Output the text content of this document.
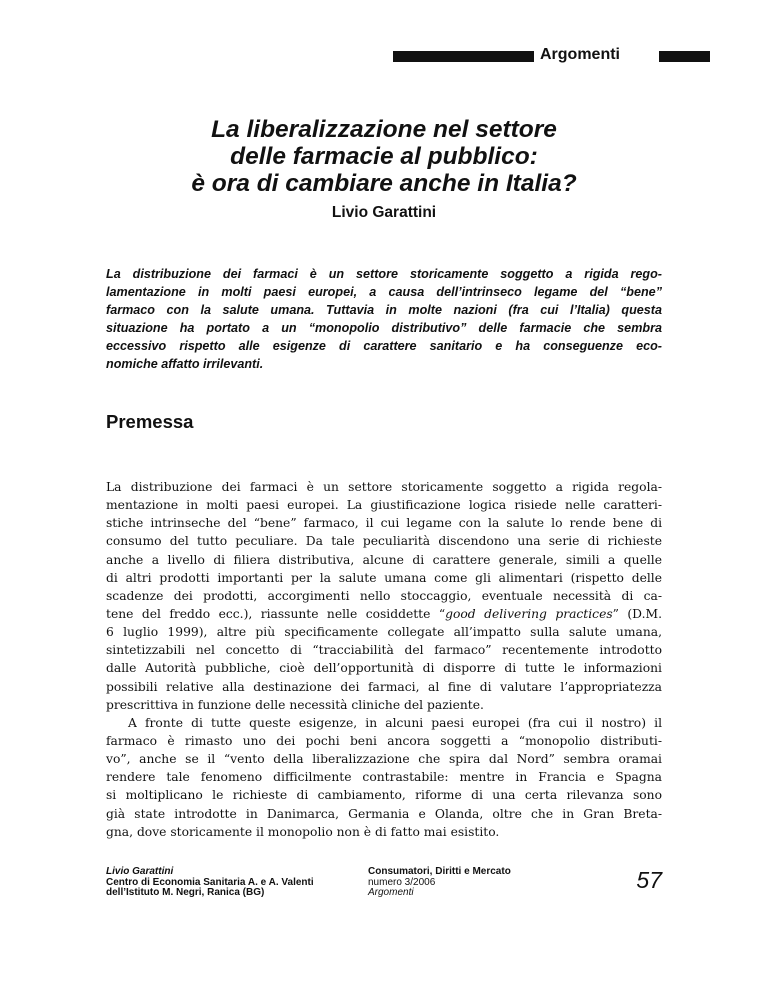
Argomenti
La liberalizzazione nel settore
delle farmacie al pubblico:
è ora di cambiare anche in Italia?
Livio Garattini
La distribuzione dei farmaci è un settore storicamente soggetto a rigida rego-
lamentazione in molti paesi europei, a causa dell’intrinseco legame del “bene”
farmaco con la salute umana. Tuttavia in molte nazioni (fra cui l’Italia) questa
situazione ha portato a un “monopolio distributivo” delle farmacie che sembra
eccessivo rispetto alle esigenze di carattere sanitario e ha conseguenze eco-
nomiche affatto irrilevanti.
Premessa
La distribuzione dei farmaci è un settore storicamente soggetto a rigida regola-
mentazione in molti paesi europei. La giustificazione logica risiede nelle caratteri-
stiche intrinseche del “bene” farmaco, il cui legame con la salute lo rende bene di
consumo del tutto peculiare. Da tale peculiarità discendono una serie di richieste
anche a livello di filiera distributiva, alcune di carattere generale, simili a quelle
di altri prodotti importanti per la salute umana come gli alimentari (rispetto delle
scadenze dei prodotti, accorgimenti nello stoccaggio, eventuale necessità di ca-
tene del freddo ecc.), riassunte nelle cosiddette “good delivering practices” (D.M.
6 luglio 1999), altre più specificamente collegate all’impatto sulla salute umana,
sintetizzabili nel concetto di “tracciabilità del farmaco” recentemente introdotto
dalle Autorità pubbliche, cioè dell’opportunità di disporre di tutte le informazioni
possibili relative alla destinazione dei farmaci, al fine di valutare l’appropriatezza
prescrittiva in funzione delle necessità cliniche del paziente.
A fronte di tutte queste esigenze, in alcuni paesi europei (fra cui il nostro) il
farmaco è rimasto uno dei pochi beni ancora soggetti a “monopolio distributi-
vo”, anche se il “vento della liberalizzazione che spira dal Nord” sembra oramai
rendere tale fenomeno difficilmente contrastabile: mentre in Francia e Spagna
si moltiplicano le richieste di cambiamento, riforme di una certa rilevanza sono
già state introdotte in Danimarca, Germania e Olanda, oltre che in Gran Breta-
gna, dove storicamente il monopolio non è di fatto mai esistito.
Livio Garattini
Centro di Economia Sanitaria A. e A. Valenti
dell’Istituto M. Negri, Ranica (BG)
Consumatori, Diritti e Mercato
numero 3/2006
Argomenti	57
